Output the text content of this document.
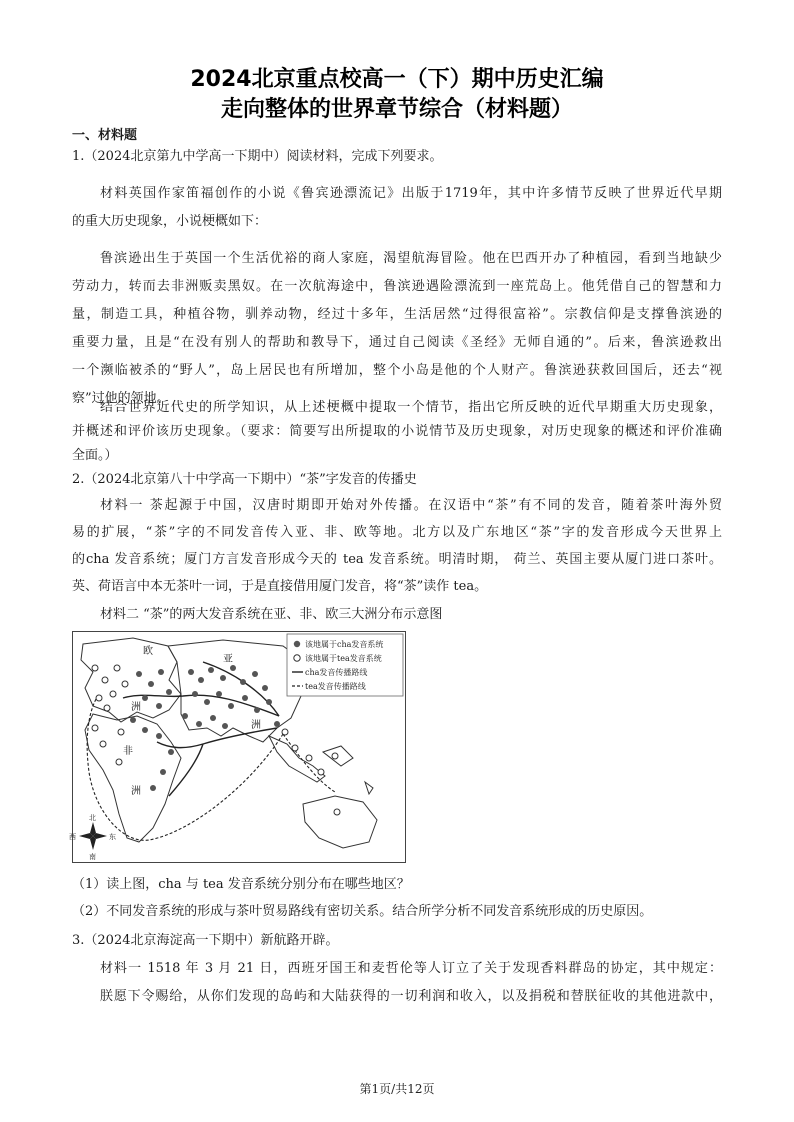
2024北京重点校高一（下）期中历史汇编
走向整体的世界章节综合（材料题）
一、材料题
1.（2024北京第九中学高一下期中）阅读材料，完成下列要求。
材料英国作家笛福创作的小说《鲁宾逊漂流记》出版于1719年，其中许多情节反映了世界近代早期
的重大历史现象，小说梗概如下：
鲁滨逊出生于英国一个生活优裕的商人家庭，渴望航海冒险。他在巴西开办了种植园，看到当地缺少
劳动力，转而去非洲贩卖黑奴。在一次航海途中，鲁滨逊遇险漂流到一座荒岛上。他凭借自己的智慧和力
量，制造工具，种植谷物，驯养动物，经过十多年，生活居然“过得很富裕”。宗教信仰是支撑鲁滨逊的
重要力量，且是“在没有别人的帮助和教导下，通过自己阅读《圣经》无师自通的”。后来，鲁滨逊救出
一个濒临被杀的“野人”，岛上居民也有所增加，整个小岛是他的个人财产。鲁滨逊获救回国后，还去“视
察”过他的领地。
结合世界近代史的所学知识，从上述梗概中提取一个情节，指出它所反映的近代早期重大历史现象，
并概述和评价该历史现象。（要求：简要写出所提取的小说情节及历史现象，对历史现象的概述和评价准确
全面。）
2.（2024北京第八十中学高一下期中）“茶”字发音的传播史
材料一 茶起源于中国，汉唐时期即开始对外传播。在汉语中“茶”有不同的发音，随着茶叶海外贸
易的扩展，“茶”字的不同发音传入亚、非、欧等地。北方以及广东地区“茶”字的发音形成今天世界上
的cha 发音系统；厦门方言发音形成今天的 tea 发音系统。明清时期， 荷兰、英国主要从厦门进口茶叶。
英、荷语言中本无茶叶一词，于是直接借用厦门发音，将“茶”读作 tea。
材料二 “茶”的两大发音系统在亚、非、欧三大洲分布示意图
该地属于cha发音系统
该地属于tea发音系统
cha发音传播路线
tea发音传播路线
欧
洲
亚
洲
非
洲
北
南
西	东
（1）读上图，cha 与 tea 发音系统分别分布在哪些地区？
（2）不同发音系统的形成与茶叶贸易路线有密切关系。结合所学分析不同发音系统形成的历史原因。
3.（2024北京海淀高一下期中）新航路开辟。
材料一 1518 年 3 月 21 日，西班牙国王和麦哲伦等人订立了关于发现香料群岛的协定，其中规定：
朕愿下令赐给，从你们发现的岛屿和大陆获得的一切利润和收入，以及捐税和替朕征收的其他进款中，
第1页/共12页
